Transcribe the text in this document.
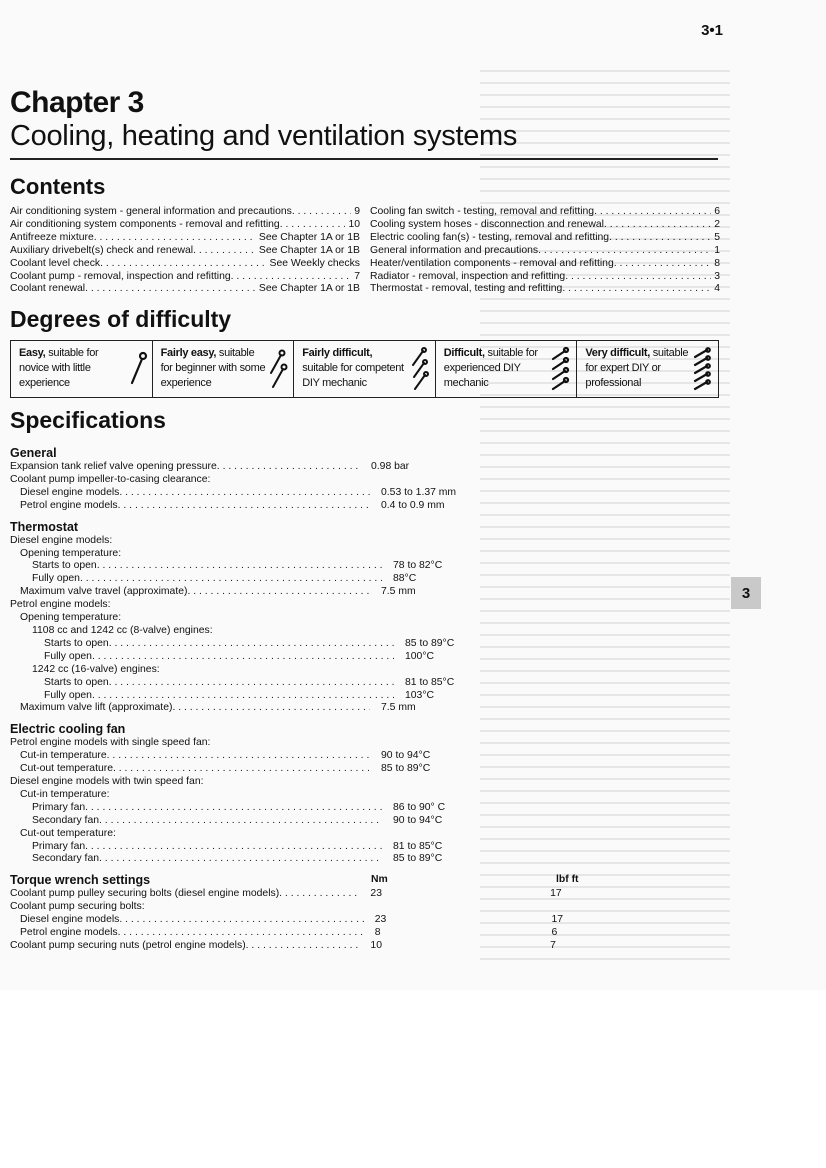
3•1
Chapter 3
Cooling, heating and ventilation systems
Contents
Air conditioning system - general information and precautions . . .	9
Air conditioning system components - removal and refitting . . .	10
Antifreeze mixture . . .	See Chapter 1A or 1B
Auxiliary drivebelt(s) check and renewal . . .	See Chapter 1A or 1B
Coolant level check . . .	See Weekly checks
Coolant pump - removal, inspection and refitting . . .	7
Coolant renewal . . .	See Chapter 1A or 1B
Cooling fan switch - testing, removal and refitting . . .	6
Cooling system hoses - disconnection and renewal . . .	2
Electric cooling fan(s) - testing, removal and refitting . . .	5
General information and precautions . . .	1
Heater/ventilation components - removal and refitting . . .	8
Radiator - removal, inspection and refitting . . .	3
Thermostat - removal, testing and refitting . . .	4
Degrees of difficulty
Easy, suitable for novice with little experience
Fairly easy, suitable for beginner with some experience
Fairly difficult, suitable for competent DIY mechanic
Difficult, suitable for experienced DIY mechanic
Very difficult, suitable for expert DIY or professional
Specifications
General
Expansion tank relief valve opening pressure . . .	0.98 bar
Coolant pump impeller-to-casing clearance:
Diesel engine models . . .	0.53 to 1.37 mm
Petrol engine models . . .	0.4 to 0.9 mm
Thermostat
Diesel engine models:
Opening temperature:
Starts to open . . .	78 to 82°C
Fully open . . .	88°C
Maximum valve travel (approximate) . . .	7.5 mm
Petrol engine models:
Opening temperature:
1108 cc and 1242 cc (8-valve) engines:
Starts to open . . .	85 to 89°C
Fully open . . .	100°C
1242 cc (16-valve) engines:
Starts to open . . .	81 to 85°C
Fully open . . .	103°C
Maximum valve lift (approximate) . . .	7.5 mm
Electric cooling fan
Petrol engine models with single speed fan:
Cut-in temperature . . .	90 to 94°C
Cut-out temperature . . .	85 to 89°C
Diesel engine models with twin speed fan:
Cut-in temperature:
Primary fan . . .	86 to 90° C
Secondary fan . . .	90 to 94°C
Cut-out temperature:
Primary fan . . .	81 to 85°C
Secondary fan . . .	85 to 89°C
Torque wrench settings	Nm	lbf ft
Coolant pump pulley securing bolts (diesel engine models) . . .	23	17
Coolant pump securing bolts:
Diesel engine models . . .	23	17
Petrol engine models . . .	8	6
Coolant pump securing nuts (petrol engine models) . . .	10	7
3
